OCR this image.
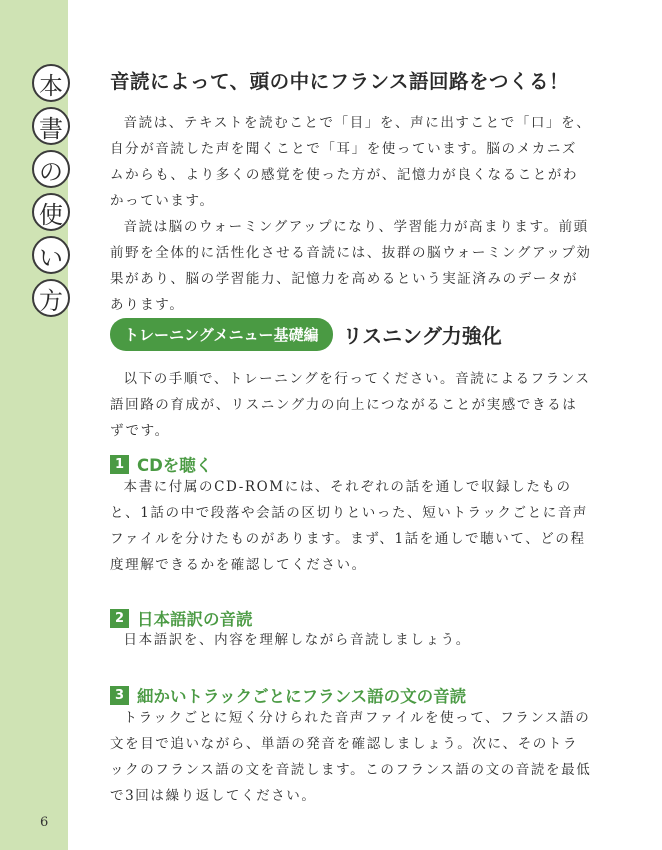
本
書
の
使
い
方
6
音読によって、頭の中にフランス語回路をつくる！

音読は、テキストを読むことで「目」を、声に出すことで「口」を、自分が音読した声を聞くことで「耳」を使っています。脳のメカニズムからも、より多くの感覚を使った方が、記憶力が良くなることがわかっています。

音読は脳のウォーミングアップになり、学習能力が高まります。前頭前野を全体的に活性化させる音読には、抜群の脳ウォーミングアップ効果があり、脳の学習能力、記憶力を高めるという実証済みのデータがあります。

トレーニングメニュー基礎編	リスニング力強化

以下の手順で、トレーニングを行ってください。音読によるフランス語回路の育成が、リスニング力の向上につながることが実感できるはずです。

1 CDを聴く

本書に付属のCD-ROMには、それぞれの話を通しで収録したものと、1話の中で段落や会話の区切りといった、短いトラックごとに音声ファイルを分けたものがあります。まず、1話を通しで聴いて、どの程度理解できるかを確認してください。

2 日本語訳の音読

日本語訳を、内容を理解しながら音読しましょう。

3 細かいトラックごとにフランス語の文の音読

トラックごとに短く分けられた音声ファイルを使って、フランス語の文を目で追いながら、単語の発音を確認しましょう。次に、そのトラックのフランス語の文を音読します。このフランス語の文の音読を最低で3回は繰り返してください。
